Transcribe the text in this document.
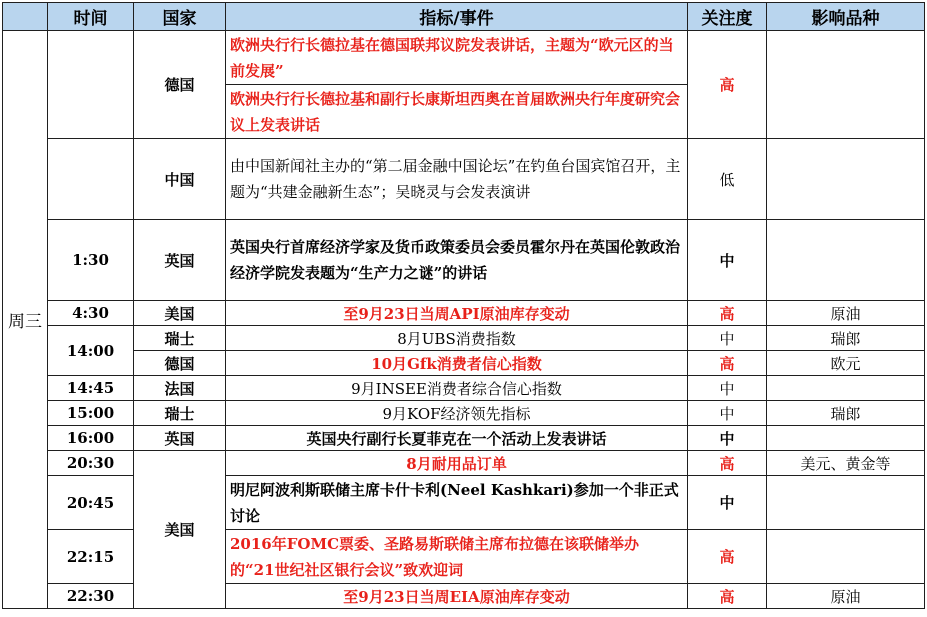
	时间	国家	指标/事件	关注度	影响品种
周三		德国	欧洲央行行长德拉基在德国联邦议院发表讲话，主题为“欧元区的当前发展”	高	
			欧洲央行行长德拉基和副行长康斯坦西奥在首届欧洲央行年度研究会议上发表讲话		
		中国	由中国新闻社主办的“第二届金融中国论坛”在钓鱼台国宾馆召开，主题为“共建金融新生态”；吴晓灵与会发表演讲	低	
	1:30	英国	英国央行首席经济学家及货币政策委员会委员霍尔丹在英国伦敦政治经济学院发表题为“生产力之谜”的讲话	中	
	4:30	美国	至9月23日当周API原油库存变动	高	原油
	14:00	瑞士	8月UBS消费指数	中	瑞郎
		德国	10月Gfk消费者信心指数	高	欧元
	14:45	法国	9月INSEE消费者综合信心指数	中	
	15:00	瑞士	9月KOF经济领先指标	中	瑞郎
	16:00	英国	英国央行副行长夏菲克在一个活动上发表讲话	中	
	20:30	美国	8月耐用品订单	高	美元、黄金等
	20:45		明尼阿波利斯联储主席卡什卡利(Neel Kashkari)参加一个非正式讨论	中	
	22:15		2016年FOMC票委、圣路易斯联储主席布拉德在该联储举办的“21世纪社区银行会议”致欢迎词	高	
	22:30		至9月23日当周EIA原油库存变动	高	原油
